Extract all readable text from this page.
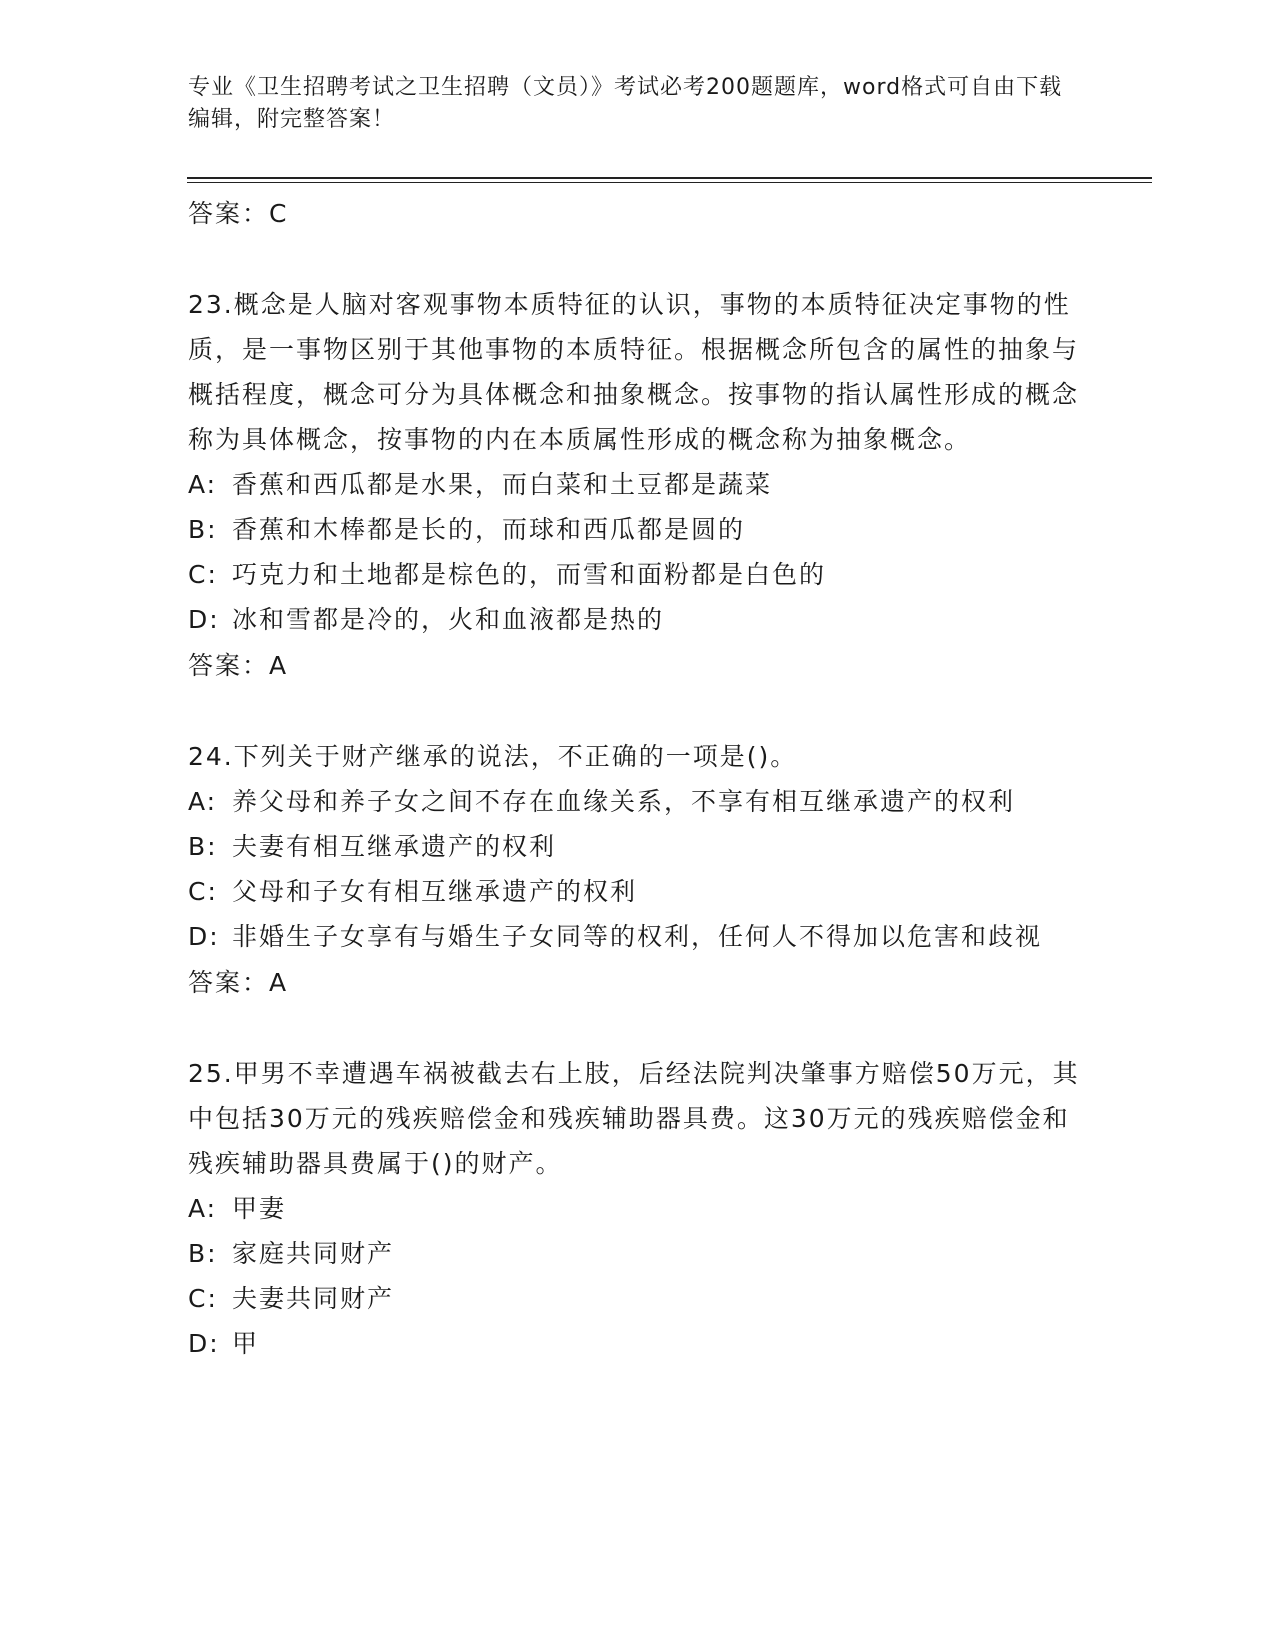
专业《卫生招聘考试之卫生招聘（文员）》考试必考200题题库，word格式可自由下载编辑，附完整答案！

答案：C

23.概念是人脑对客观事物本质特征的认识，事物的本质特征决定事物的性质，是一事物区别于其他事物的本质特征。根据概念所包含的属性的抽象与概括程度，概念可分为具体概念和抽象概念。按事物的指认属性形成的概念称为具体概念，按事物的内在本质属性形成的概念称为抽象概念。

A: 香蕉和西瓜都是水果，而白菜和土豆都是蔬菜

B: 香蕉和木棒都是长的，而球和西瓜都是圆的

C: 巧克力和土地都是棕色的，而雪和面粉都是白色的

D: 冰和雪都是冷的，火和血液都是热的

答案：A

24.下列关于财产继承的说法，不正确的一项是()。

A: 养父母和养子女之间不存在血缘关系，不享有相互继承遗产的权利

B: 夫妻有相互继承遗产的权利

C: 父母和子女有相互继承遗产的权利

D: 非婚生子女享有与婚生子女同等的权利，任何人不得加以危害和歧视

答案：A

25.甲男不幸遭遇车祸被截去右上肢，后经法院判决肇事方赔偿50万元，其中包括30万元的残疾赔偿金和残疾辅助器具费。这30万元的残疾赔偿金和残疾辅助器具费属于()的财产。

A: 甲妻

B: 家庭共同财产

C: 夫妻共同财产

D: 甲
